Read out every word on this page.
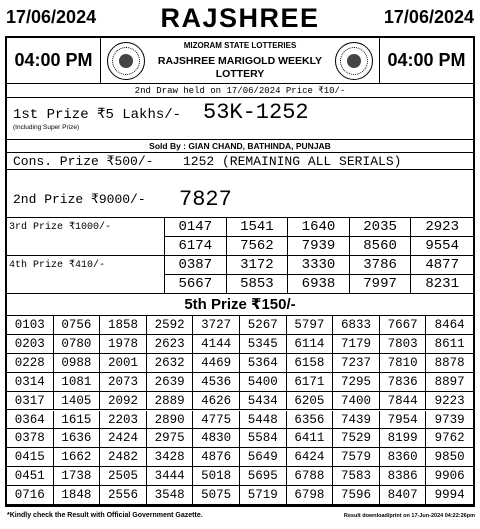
17/06/2024	RAJSHREE	17/06/2024
04:00 PM
MIZORAM STATE LOTTERIES
RAJSHREE MARIGOLD WEEKLY LOTTERY
04:00 PM
2nd Draw held on 17/06/2024 Price ₹10/-
1st Prize ₹5 Lakhs/-
(Including Super Prize)
53K-1252
Sold By : GIAN CHAND, BATHINDA, PUNJAB
Cons. Prize ₹500/- 1252 (REMAINING ALL SERIALS)
2nd Prize ₹9000/- 7827
3rd Prize ₹1000/-	0147	1541	1640	2035	2923
6174	7562	7939	8560	9554
4th Prize ₹410/-	0387	3172	3330	3786	4877
5667	5853	6938	7997	8231
5th Prize ₹150/-
0103	0756	1858	2592	3727	5267	5797	6833	7667	8464
0203	0780	1978	2623	4144	5345	6114	7179	7803	8611
0228	0988	2001	2632	4469	5364	6158	7237	7810	8878
0314	1081	2073	2639	4536	5400	6171	7295	7836	8897
0317	1405	2092	2889	4626	5434	6205	7400	7844	9223
0364	1615	2203	2890	4775	5448	6356	7439	7954	9739
0378	1636	2424	2975	4830	5584	6411	7529	8199	9762
0415	1662	2482	3428	4876	5649	6424	7579	8360	9850
0451	1738	2505	3444	5018	5695	6788	7583	8386	9906
0716	1848	2556	3548	5075	5719	6798	7596	8407	9994
*Kindly check the Result with Official Government Gazette.	Result download/print on 17-Jun-2024 04:22:26pm
